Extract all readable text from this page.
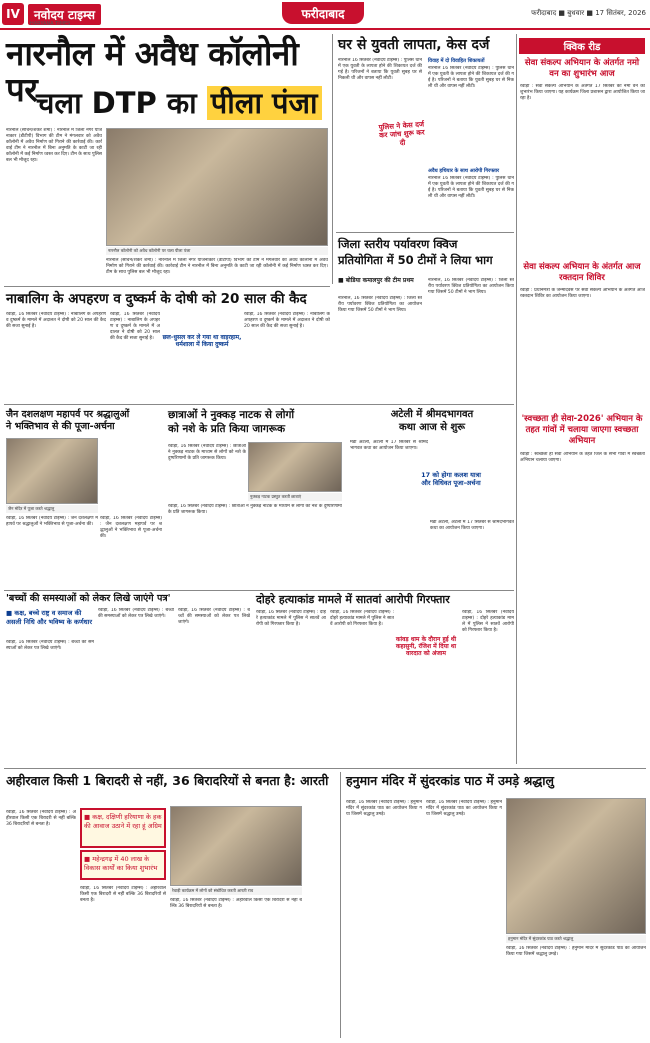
IV	नवोदय टाइम्स
HARYANA TIMES
फरीदाबाद	फरीदाबाद ■ बुधवार ■ 17 सितंबर, 2026
नारनौल में अवैध कॉलोनी पर
चला DTP का पीला पंजा
नारनौल (सचिन/शंकर शर्मा) : नारनौल में जिला नगर योजनाकार (डीटीपी) विभाग की टीम ने मंगलवार को अवैध कॉलोनी में अवैध निर्माण को गिराने की कार्रवाई की। कार्रवाई टीम ने नारनौल में बिना अनुमति के काटी जा रही कॉलोनी में कई निर्माण ध्वस्त कर दिए। टीम के साथ पुलिस बल भी मौजूद रहा।
नारनौल कॉलोनी को अवैध कॉलोनी पर चला पीला पंजा
नारनौल (सचिन/शंकर शर्मा) : नारनौल में जिला नगर योजनाकार (डीटीपी) विभाग की टीम ने मंगलवार को अवैध कॉलोनी में अवैध निर्माण को गिराने की कार्रवाई की। कार्रवाई टीम ने नारनौल में बिना अनुमति के काटी जा रही कॉलोनी में कई निर्माण ध्वस्त कर दिए। टीम के साथ पुलिस बल भी मौजूद रहा।
घर से युवती लापता, केस दर्ज
नारनौल 16 सितंबर (नवोदय टाइम्स) : पुलिस थाने में एक युवती के लापता होने की शिकायत दर्ज की गई है। परिजनों ने बताया कि युवती सुबह घर से निकली थी और वापस नहीं लौटी।
पुलिस ने केस दर्ज कर जांच शुरू कर दी
विवाह में दो विवाहित शिकायतों
नारनौल 16 सितंबर (नवोदय टाइम्स) : पुलिस थाने में एक युवती के लापता होने की शिकायत दर्ज की गई है। परिजनों ने बताया कि युवती सुबह घर से निकली थी और वापस नहीं लौटी।
अवैध हथियार के साथ आरोपी गिरफ्तार
नारनौल 16 सितंबर (नवोदय टाइम्स) : पुलिस थाने में एक युवती के लापता होने की शिकायत दर्ज की गई है। परिजनों ने बताया कि युवती सुबह घर से निकली थी और वापस नहीं लौटी।
क्विक रीड
सेवा संकल्प अभियान के अंतर्गत नमो वन का शुभारंभ आज
रेवाड़ी : सेवा संकल्प अभियान के अंतर्गत 17 सितंबर को नमो वन का शुभारंभ किया जाएगा। यह कार्यक्रम जिला प्रशासन द्वारा आयोजित किया जा रहा है।
सेवा संकल्प अभियान के अंतर्गत आज रक्तदान शिविर
रेवाड़ी : प्रधानमंत्री के जन्मदिवस पर सेवा संकल्प अभियान के अंतर्गत आज रक्तदान शिविर का आयोजन किया जाएगा।
'स्वच्छता ही सेवा-2026' अभियान के तहत गांवों में चलाया जाएगा स्वच्छता अभियान
रेवाड़ी : स्वच्छता ही सेवा अभियान के तहत जिले के सभी गांवों में स्वच्छता अभियान चलाया जाएगा।
जिला स्तरीय पर्यावरण क्विज
प्रतियोगिता में 50 टीमों ने लिया भाग
■ बोडिया कमालपुर की टीम प्रथम
नारनौल, 16 सितंबर (नवोदय टाइम्स) : जिला स्तरीय पर्यावरण क्विज प्रतियोगिता का आयोजन किया गया जिसमें 50 टीमों ने भाग लिया।
नारनौल, 16 सितंबर (नवोदय टाइम्स) : जिला स्तरीय पर्यावरण क्विज प्रतियोगिता का आयोजन किया गया जिसमें 50 टीमों ने भाग लिया।
नाबालिग के अपहरण व दुष्कर्म के दोषी को 20 साल की कैद
रेवाड़ी, 16 सितंबर (नवोदय टाइम्स) : नाबालिग के अपहरण व दुष्कर्म के मामले में अदालत ने दोषी को 20 साल की कैद की सजा सुनाई है।
रेवाड़ी, 16 सितंबर (नवोदय टाइम्स) : नाबालिग के अपहरण व दुष्कर्म के मामले में अदालत ने दोषी को 20 साल की कैद की सजा सुनाई है।	छल-धुसल कर ले गया था वाइरहाम, धर्मशाला में किया दुष्कर्म
रेवाड़ी, 16 सितंबर (नवोदय टाइम्स) : नाबालिग के अपहरण व दुष्कर्म के मामले में अदालत ने दोषी को 20 साल की कैद की सजा सुनाई है।
जैन दशलक्षण महापर्व पर श्रद्धालुओं
ने भक्तिभाव से की पूजा-अर्चना
जैन मंदिर में पूजा करते श्रद्धालु
रेवाड़ी, 16 सितंबर (नवोदय टाइम्स) : जैन दशलक्षण महापर्व पर श्रद्धालुओं ने भक्तिभाव से पूजा-अर्चना की।
रेवाड़ी, 16 सितंबर (नवोदय टाइम्स) : जैन दशलक्षण महापर्व पर श्रद्धालुओं ने भक्तिभाव से पूजा-अर्चना की।
छात्राओं ने नुक्कड़ नाटक से लोगों
को नशे के प्रति किया जागरूक
रेवाड़ी, 16 सितंबर (नवोदय टाइम्स) : छात्राओं ने नुक्कड़ नाटक के माध्यम से लोगों को नशे के दुष्परिणामों के प्रति जागरूक किया।
नुक्कड़ नाटक प्रस्तुत करती छात्राएं
रेवाड़ी, 16 सितंबर (नवोदय टाइम्स) : छात्राओं ने नुक्कड़ नाटक के माध्यम से लोगों को नशे के दुष्परिणामों के प्रति जागरूक किया।
अटेली में श्रीमदभागवत
कथा आज से शुरू
मंडी अटेली, अटेली में 17 सितंबर से श्रीमदभागवत कथा का आयोजन किया जाएगा।
17 को होगा कलश यात्रा और विधिवत पूजा-अर्चना
मंडी अटेली, अटेली में 17 सितंबर से श्रीमदभागवत कथा का आयोजन किया जाएगा।
'बच्चों की समस्याओं को लेकर लिखे जाएंगे पत्र'
■ कक्ष, बच्चे राष्ट्र व समाज की असली निधि और भविष्य के कर्णधार
रेवाड़ी, 16 सितंबर (नवोदय टाइम्स) : बच्चों की समस्याओं को लेकर पत्र लिखे जाएंगे।
रेवाड़ी, 16 सितंबर (नवोदय टाइम्स) : बच्चों की समस्याओं को लेकर पत्र लिखे जाएंगे।
रेवाड़ी, 16 सितंबर (नवोदय टाइम्स) : बच्चों की समस्याओं को लेकर पत्र लिखे जाएंगे।
दोहरे हत्याकांड मामले में सातवां आरोपी गिरफ्तार
रेवाड़ी, 16 सितंबर (नवोदय टाइम्स) : दोहरे हत्याकांड मामले में पुलिस ने सातवें आरोपी को गिरफ्तार किया है।
रेवाड़ी, 16 सितंबर (नवोदय टाइम्स) : दोहरे हत्याकांड मामले में पुलिस ने सातवें आरोपी को गिरफ्तार किया है।
कांवड़ धाम के दौरान हुई थी कहासुनी, रंजिश में दिया था वारदात को अंजाम
रेवाड़ी, 16 सितंबर (नवोदय टाइम्स) : दोहरे हत्याकांड मामले में पुलिस ने सातवें आरोपी को गिरफ्तार किया है।
अहीरवाल किसी 1 बिरादरी से नहीं, 36 बिरादरियों से बनता है: आरती
रेवाड़ी, 16 सितंबर (नवोदय टाइम्स) : अहीरवाल किसी एक बिरादरी से नहीं बल्कि 36 बिरादरियों से बनता है।
■ कक्ष, दक्षिणी हरियाणा के हक की आवाज उठाने में रहा हूं अग्रिम
■ महेन्द्रगढ़ में 40 लाख के विकास कार्यों का किया शुभारंभ
रेवाड़ी कार्यक्रम में लोगों को संबोधित करती आरती राव
रेवाड़ी, 16 सितंबर (नवोदय टाइम्स) : अहीरवाल किसी एक बिरादरी से नहीं बल्कि 36 बिरादरियों से बनता है।	रेवाड़ी, 16 सितंबर (नवोदय टाइम्स) : अहीरवाल किसी एक बिरादरी से नहीं बल्कि 36 बिरादरियों से बनता है।
हनुमान मंदिर में सुंदरकांड पाठ में उमड़े श्रद्धालु
रेवाड़ी, 16 सितंबर (नवोदय टाइम्स) : हनुमान मंदिर में सुंदरकांड पाठ का आयोजन किया गया जिसमें श्रद्धालु उमड़े।
रेवाड़ी, 16 सितंबर (नवोदय टाइम्स) : हनुमान मंदिर में सुंदरकांड पाठ का आयोजन किया गया जिसमें श्रद्धालु उमड़े।
हनुमान मंदिर में सुंदरकांड पाठ करते श्रद्धालु
रेवाड़ी, 16 सितंबर (नवोदय टाइम्स) : हनुमान मंदिर में सुंदरकांड पाठ का आयोजन किया गया जिसमें श्रद्धालु उमड़े।
